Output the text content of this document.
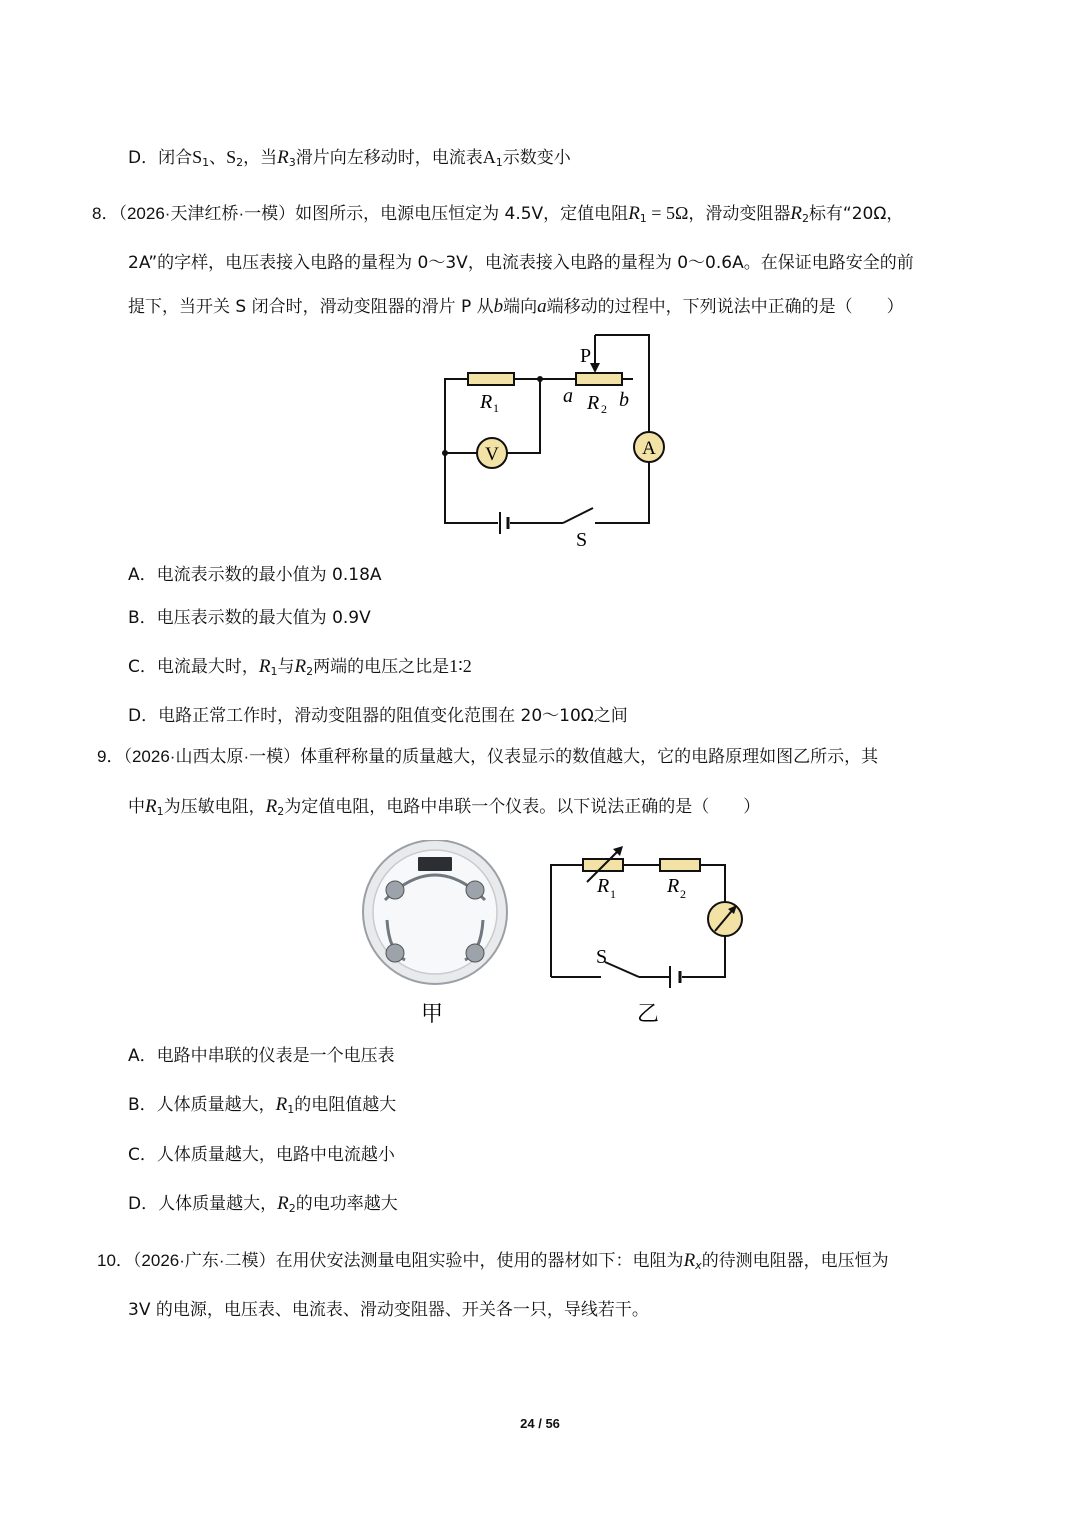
D．闭合$S_1$、$S_2$，当$R_3$滑片向左移动时，电流表$A_1$示数变小
8．（2026·天津红桥·一模）如图所示，电源电压恒定为 4.5V，定值电阻$R_1 = 5\Omega$，滑动变阻器$R_2$标有“20Ω，
2A”的字样，电压表接入电路的量程为 0～3V，电流表接入电路的量程为 0～0.6A。在保证电路安全的前
提下，当开关 S 闭合时，滑动变阻器的滑片 P 从b端向a端移动的过程中，下列说法中正确的是（　　）
V	A
P
R 1
a R 2 b
S
A．电流表示数的最小值为 0.18A
B．电压表示数的最大值为 0.9V
C．电流最大时，$R_1$与$R_2$两端的电压之比是1∶2
D．电路正常工作时，滑动变阻器的阻值变化范围在 20～10Ω之间
9．（2026·山西太原·一模）体重秤称量的质量越大，仪表显示的数值越大，它的电路原理如图乙所示，其
中$R_1$为压敏电阻，$R_2$为定值电阻，电路中串联一个仪表。以下说法正确的是（　　）
甲
R 1	R 2
S
乙
A．电路中串联的仪表是一个电压表
B．人体质量越大，$R_1$的电阻值越大
C．人体质量越大，电路中电流越小
D．人体质量越大，$R_2$的电功率越大
10．（2026·广东·二模）在用伏安法测量电阻实验中，使用的器材如下：电阻为$R_x$的待测电阻器，电压恒为
3V 的电源，电压表、电流表、滑动变阻器、开关各一只，导线若干。
24 / 56
